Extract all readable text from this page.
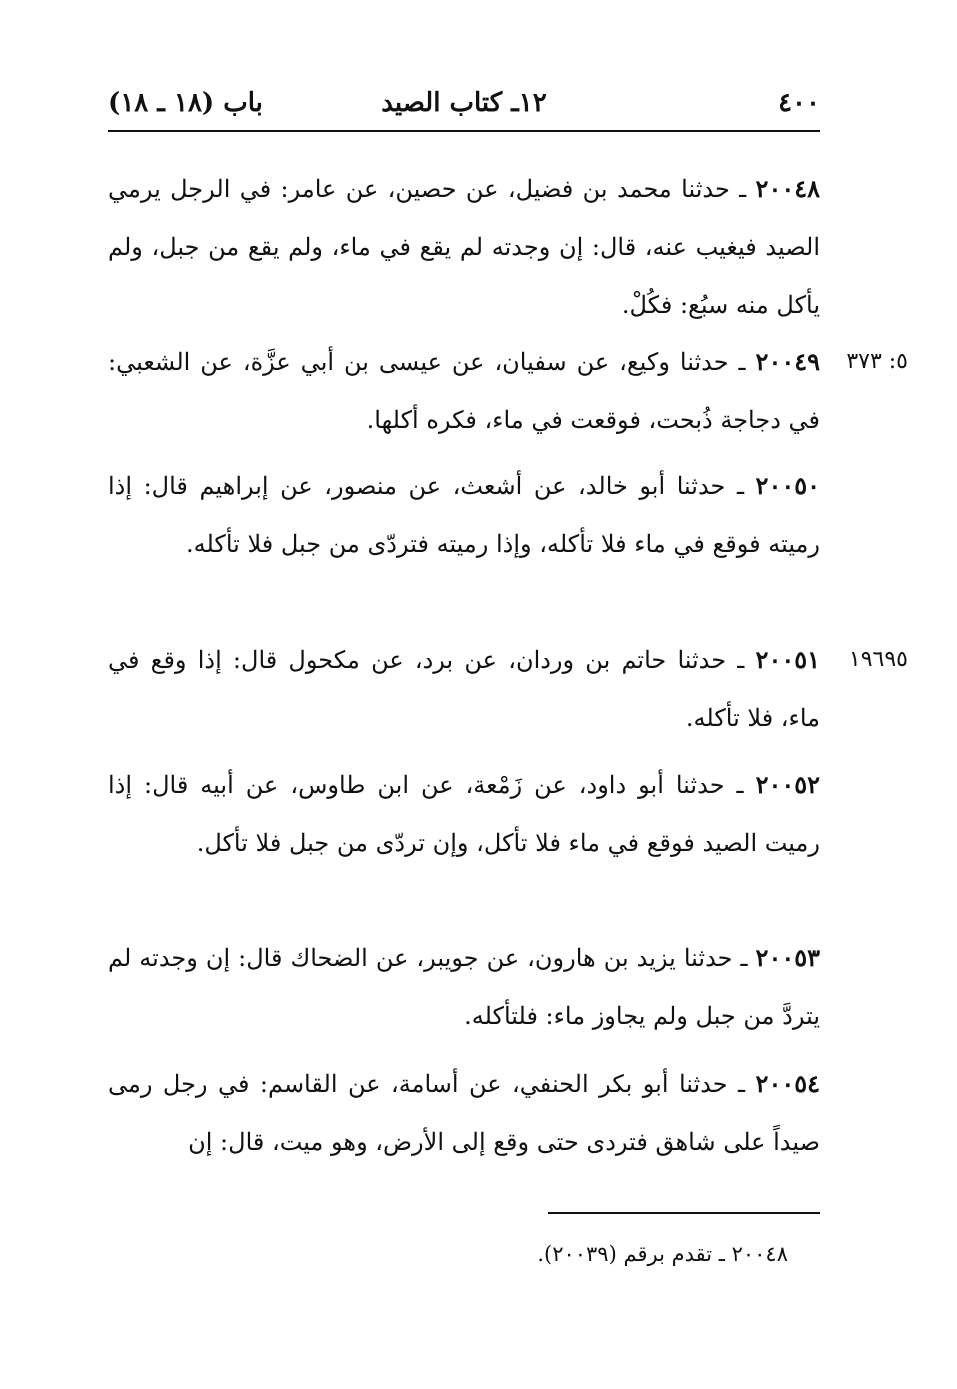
٤٠٠
١٢ـ كتاب الصيد
باب (١٨ ـ ١٨)
٢٠٠٤٨ ـ حدثنا محمد بن فضيل، عن حصين، عن عامر: في الرجل يرمي الصيد فيغيب عنه، قال: إن وجدته لم يقع في ماء، ولم يقع من جبل، ولم يأكل منه سبُع: فكُلْ.
٥: ٣٧٣
٢٠٠٤٩ ـ حدثنا وكيع، عن سفيان، عن عيسى بن أبي عزَّة، عن الشعبي: في دجاجة ذُبحت، فوقعت في ماء، فكره أكلها.
٢٠٠٥٠ ـ حدثنا أبو خالد، عن أشعث، عن منصور، عن إبراهيم قال: إذا رميته فوقع في ماء فلا تأكله، وإذا رميته فتردّى من جبل فلا تأكله.
١٩٦٩٥
٢٠٠٥١ ـ حدثنا حاتم بن وردان، عن برد، عن مكحول قال: إذا وقع في ماء، فلا تأكله.
٢٠٠٥٢ ـ حدثنا أبو داود، عن زَمْعة، عن ابن طاوس، عن أبيه قال: إذا رميت الصيد فوقع في ماء فلا تأكل، وإن تردّى من جبل فلا تأكل.
٢٠٠٥٣ ـ حدثنا يزيد بن هارون، عن جويبر، عن الضحاك قال: إن وجدته لم يتردَّ من جبل ولم يجاوز ماء: فلتأكله.
٢٠٠٥٤ ـ حدثنا أبو بكر الحنفي، عن أسامة، عن القاسم: في رجل رمى صيداً على شاهق فتردى حتى وقع إلى الأرض، وهو ميت، قال: إن
٢٠٠٤٨ ـ تقدم برقم (٢٠٠٣٩).
